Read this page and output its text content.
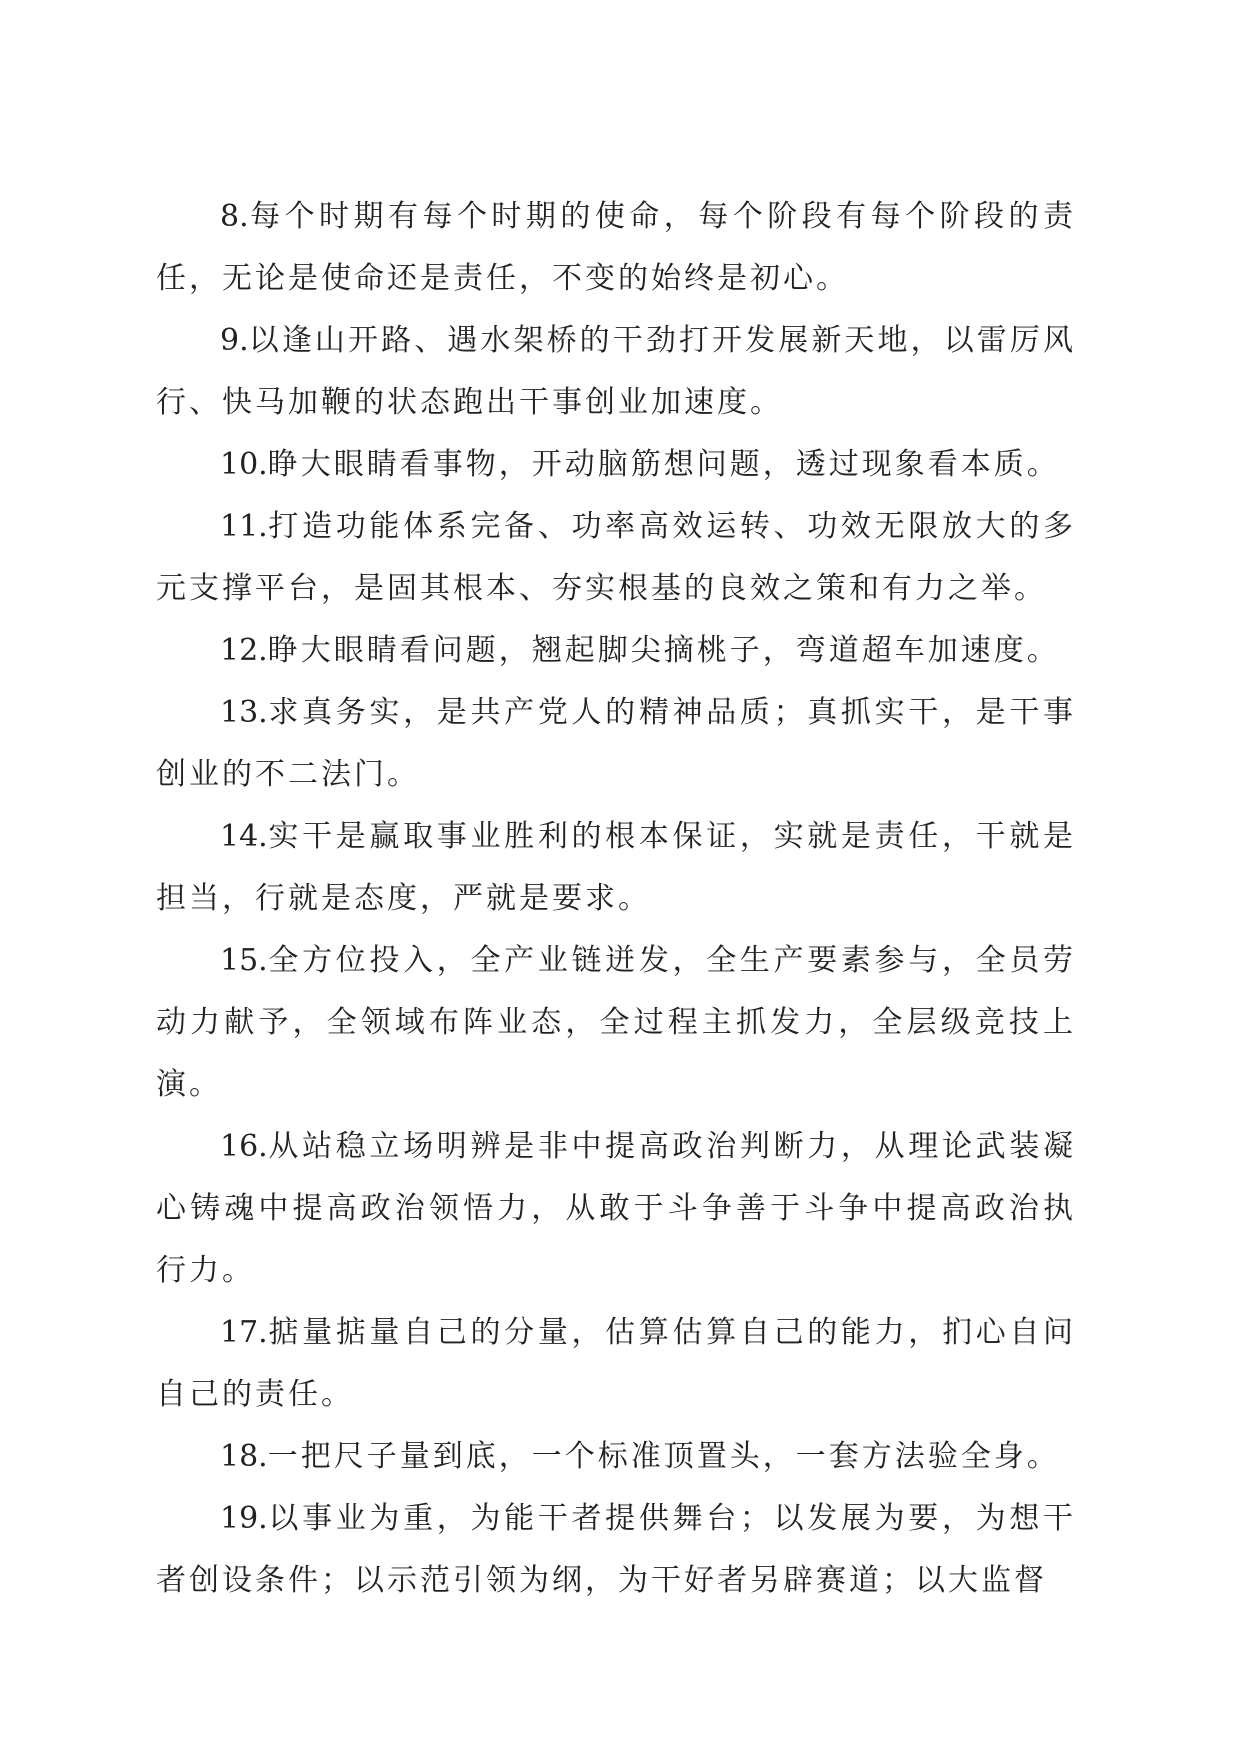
8.每个时期有每个时期的使命，每个阶段有每个阶段的责任，无论是使命还是责任，不变的始终是初心。

9.以逢山开路、遇水架桥的干劲打开发展新天地，以雷厉风行、快马加鞭的状态跑出干事创业加速度。

10.睁大眼睛看事物，开动脑筋想问题，透过现象看本质。

11.打造功能体系完备、功率高效运转、功效无限放大的多元支撑平台，是固其根本、夯实根基的良效之策和有力之举。

12.睁大眼睛看问题，翘起脚尖摘桃子，弯道超车加速度。

13.求真务实，是共产党人的精神品质；真抓实干，是干事创业的不二法门。

14.实干是赢取事业胜利的根本保证，实就是责任，干就是担当，行就是态度，严就是要求。

15.全方位投入，全产业链迸发，全生产要素参与，全员劳动力献予，全领域布阵业态，全过程主抓发力，全层级竞技上演。

16.从站稳立场明辨是非中提高政治判断力，从理论武装凝心铸魂中提高政治领悟力，从敢于斗争善于斗争中提高政治执行力。

17.掂量掂量自己的分量，估算估算自己的能力，扪心自问自己的责任。

18.一把尺子量到底，一个标准顶置头，一套方法验全身。

19.以事业为重，为能干者提供舞台；以发展为要，为想干者创设条件；以示范引领为纲，为干好者另辟赛道；以大监督
